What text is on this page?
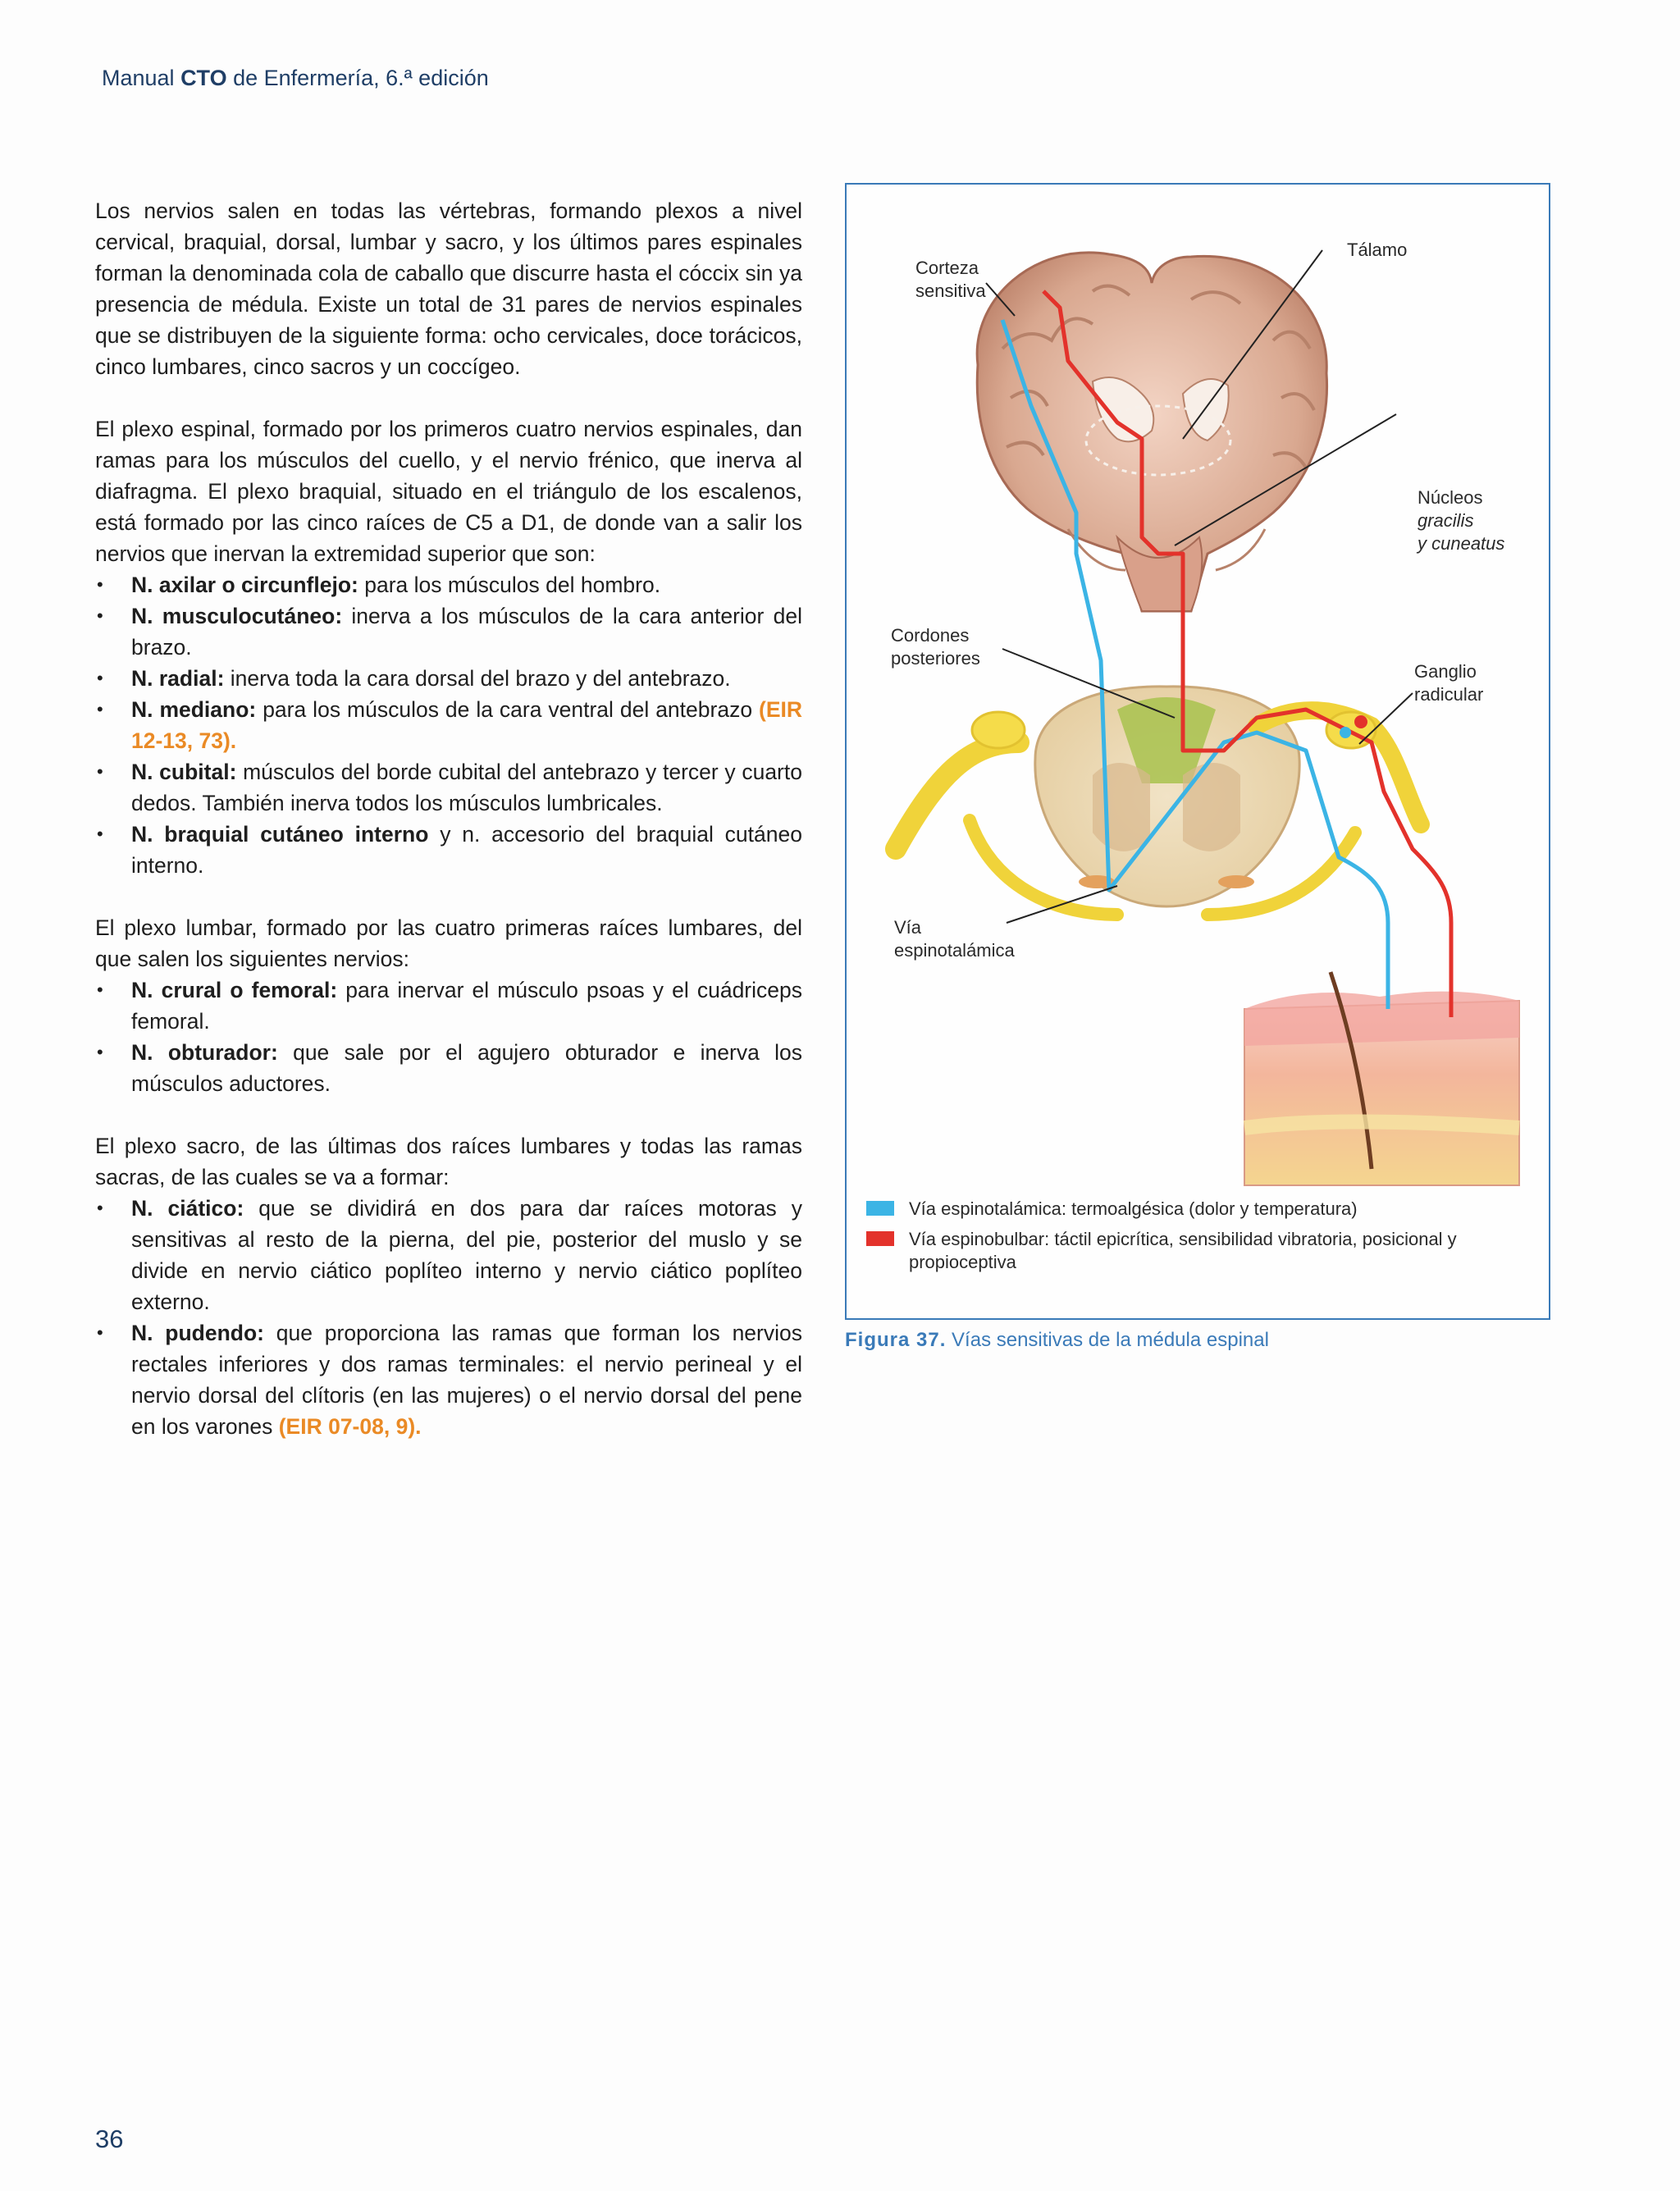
Manual CTO de Enfermería, 6.ª edición

Los nervios salen en todas las vértebras, formando plexos a nivel cervical, braquial, dorsal, lumbar y sacro, y los últimos pares espinales forman la denominada cola de caballo que discurre hasta el cóccix sin ya presencia de médula. Existe un total de 31 pares de nervios espinales que se distribuyen de la siguiente forma: ocho cervicales, doce torácicos, cinco lumbares, cinco sacros y un coccígeo.

El plexo espinal, formado por los primeros cuatro nervios espinales, dan ramas para los músculos del cuello, y el nervio frénico, que inerva al diafragma. El plexo braquial, situado en el triángulo de los escalenos, está formado por las cinco raíces de C5 a D1, de donde van a salir los nervios que inervan la extremidad superior que son:

• N. axilar o circunflejo: para los músculos del hombro.
• N. musculocutáneo: inerva a los músculos de la cara anterior del brazo.
• N. radial: inerva toda la cara dorsal del brazo y del antebrazo.
• N. mediano: para los músculos de la cara ventral del antebrazo (EIR 12-13, 73).
• N. cubital: músculos del borde cubital del antebrazo y tercer y cuarto dedos. También inerva todos los músculos lumbricales.
• N. braquial cutáneo interno y n. accesorio del braquial cutáneo interno.

El plexo lumbar, formado por las cuatro primeras raíces lumbares, del que salen los siguientes nervios:

• N. crural o femoral: para inervar el músculo psoas y el cuádriceps femoral.
• N. obturador: que sale por el agujero obturador e inerva los músculos aductores.

El plexo sacro, de las últimas dos raíces lumbares y todas las ramas sacras, de las cuales se va a formar:

• N. ciático: que se dividirá en dos para dar raíces motoras y sensitivas al resto de la pierna, del pie, posterior del muslo y se divide en nervio ciático poplíteo interno y nervio ciático poplíteo externo.
• N. pudendo: que proporciona las ramas que forman los nervios rectales inferiores y dos ramas terminales: el nervio perineal y el nervio dorsal del clítoris (en las mujeres) o el nervio dorsal del pene en los varones (EIR 07-08, 9).
Corteza
sensitiva
Tálamo
Núcleos
gracilis
y cuneatus
Cordones
posteriores
Ganglio
radicular
Vía
espinotalámica
Vía espinotalámica: termoalgésica (dolor y temperatura)
Vía espinobulbar: táctil epicrítica, sensibilidad vibratoria, posicional y propioceptiva
Figura 37. Vías sensitivas de la médula espinal
36
